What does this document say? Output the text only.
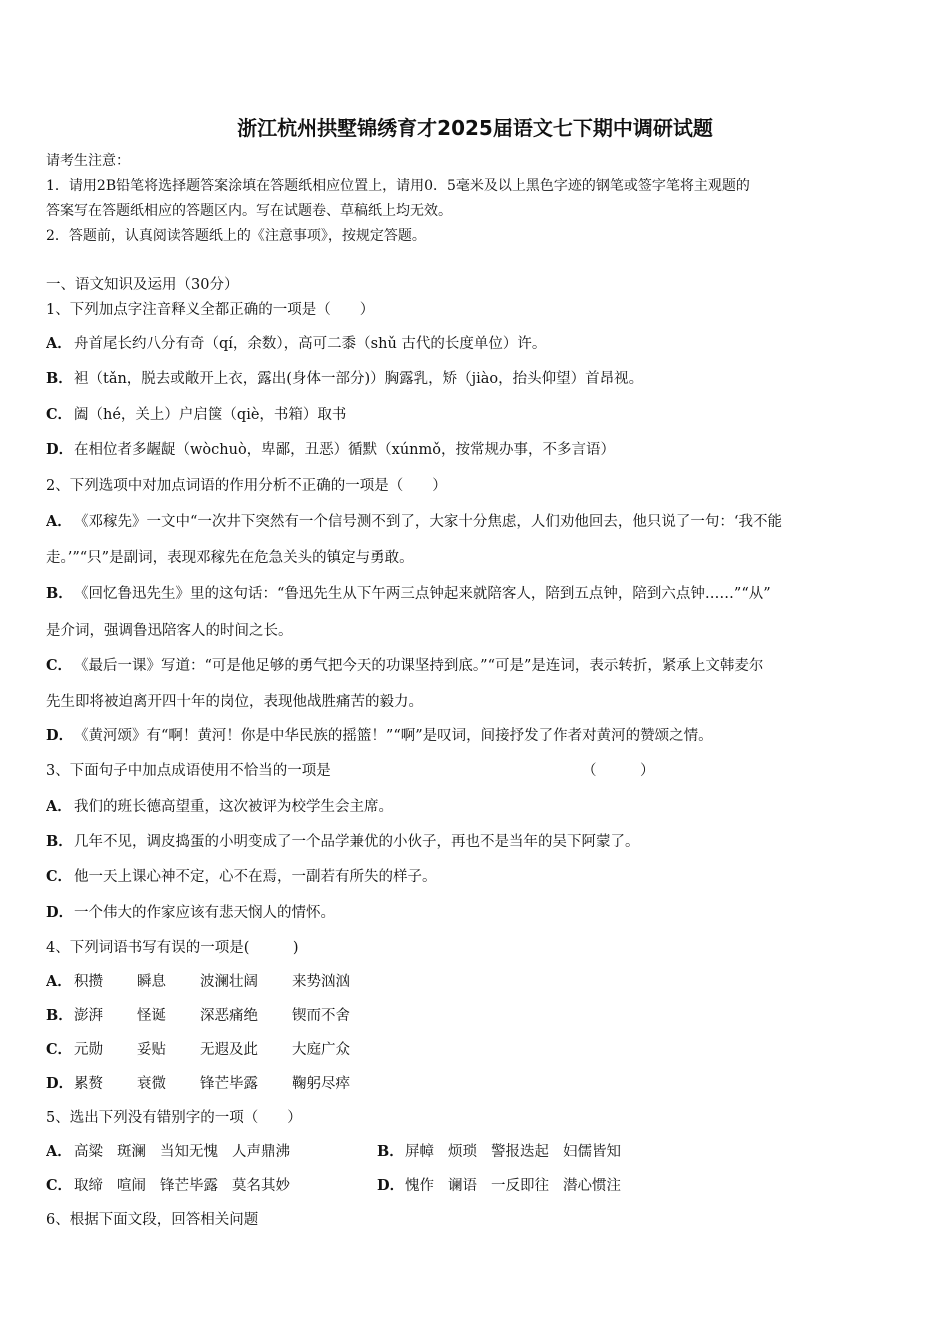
浙江杭州拱墅锦绣育才2025届语文七下期中调研试题
请考生注意：
1．请用2B铅笔将选择题答案涂填在答题纸相应位置上，请用0．5毫米及以上黑色字迹的钢笔或签字笔将主观题的
答案写在答题纸相应的答题区内。写在试题卷、草稿纸上均无效。
2．答题前，认真阅读答题纸上的《注意事项》，按规定答题。
一、语文知识及运用（30分）
1、下列加点字注音释义全都正确的一项是（　　）
A． 舟首尾长约八分有奇（qí，余数），高可二黍（shǔ 古代的长度单位）许。
B．袒（tǎn，脱去或敞开上衣，露出(身体一部分)）胸露乳，矫（jiào，抬头仰望）首昂视。
C． 阖（hé，关上）户启箧（qiè，书箱）取书
D．在相位者多龌龊（wòchuò，卑鄙，丑恶）循默（xúnmǒ，按常规办事，不多言语）
2、下列选项中对加点词语的作用分析不正确的一项是（　　）
A． 《邓稼先》一文中“一次井下突然有一个信号测不到了，大家十分焦虑，人们劝他回去，他只说了一句：‘我不能
走。’”“只”是副词，表现邓稼先在危急关头的镇定与勇敢。
B．《回忆鲁迅先生》里的这句话：“鲁迅先生从下午两三点钟起来就陪客人，陪到五点钟，陪到六点钟……”“从”
是介词，强调鲁迅陪客人的时间之长。
C． 《最后一课》写道：“可是他足够的勇气把今天的功课坚持到底。”“可是”是连词，表示转折，紧承上文韩麦尔
先生即将被迫离开四十年的岗位，表现他战胜痛苦的毅力。
D．《黄河颂》有“啊！黄河！你是中华民族的摇篮！”“啊”是叹词，间接抒发了作者对黄河的赞颂之情。
3、下面句子中加点成语使用不恰当的一项是	（　　　）
A． 我们的班长德高望重，这次被评为校学生会主席。
B．几年不见，调皮捣蛋的小明变成了一个品学兼优的小伙子，再也不是当年的吴下阿蒙了。
C． 他一天上课心神不定，心不在焉，一副若有所失的样子。
D．一个伟大的作家应该有悲天悯人的情怀。
4、下列词语书写有误的一项是(　　　)
A． 积攒 瞬息 波澜壮阔 来势汹汹
B．澎湃 怪诞 深恶痛绝 锲而不舍
C． 元勋 妥贴 无遐及此 大庭广众
D．累赘 衰微 锋芒毕露 鞠躬尽瘁
5、选出下列没有错别字的一项（　　）
A． 高粱 斑澜 当知无愧 人声鼎沸	B．屏幛 烦琐 警报迭起 妇儒皆知
C． 取缔 喧闹 锋芒毕露 莫名其妙	D．愧作 谰语 一反即往 潜心惯注
6、根据下面文段，回答相关问题
